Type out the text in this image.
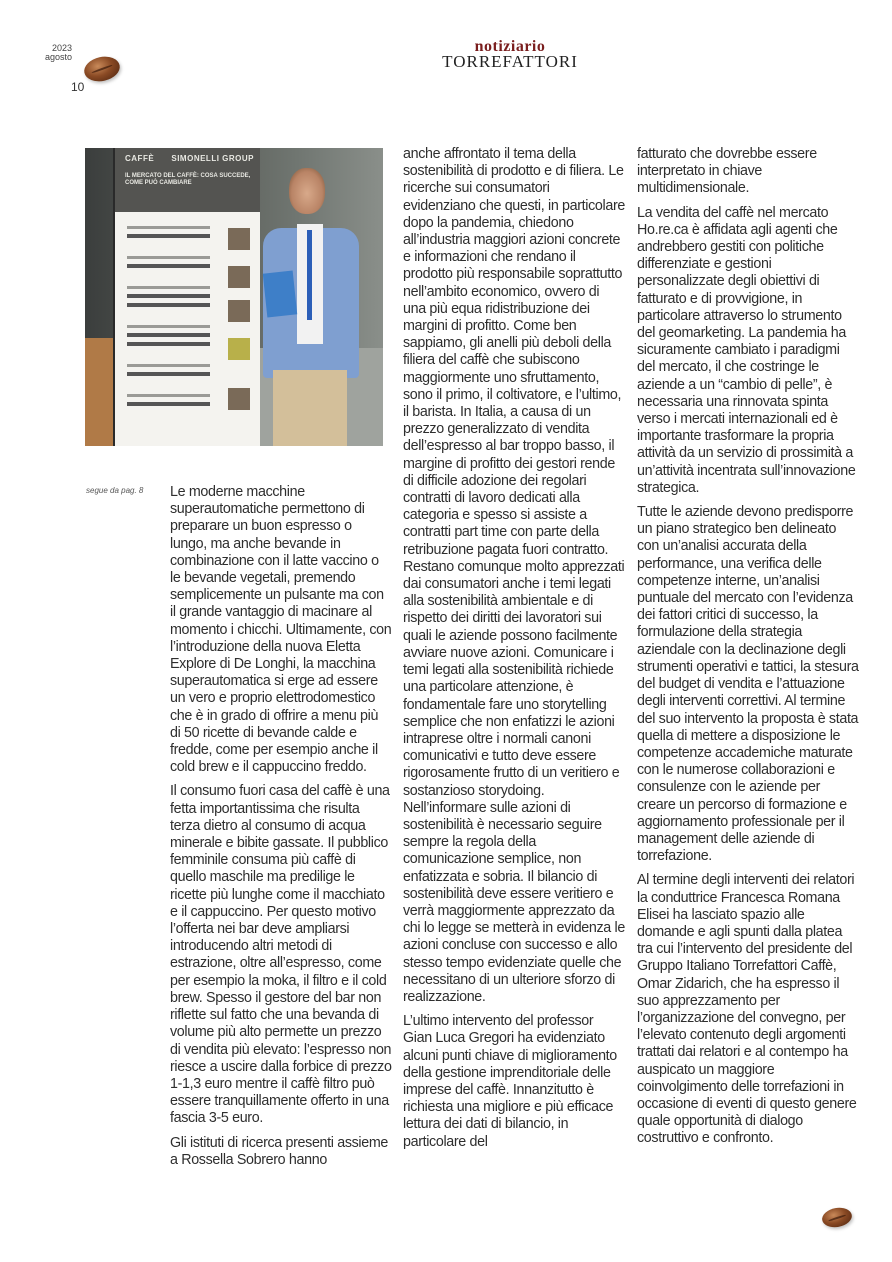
2023
agosto
10
notiziario
TORREFATTORI
CAFFÈ SIMONELLI GROUP
IL MERCATO DEL CAFFÈ: COSA SUCCEDE, COME PUÒ CAMBIARE
segue da pag. 8 Le moderne macchine superautomatiche permettono di preparare un buon espresso o lungo, ma anche bevande in combinazione con il latte vaccino o le bevande vegetali, premendo semplicemente un pulsante ma con il grande vantaggio di macinare al momento i chicchi. Ultimamente, con l’introduzione della nuova Eletta Explore di De Longhi, la macchina superautomatica si erge ad essere un vero e proprio elettrodomestico che è in grado di offrire a menu più di 50 ricette di bevande calde e fredde, come per esempio anche il cold brew e il cappuccino freddo.

Il consumo fuori casa del caffè è una fetta importantissima che risulta terza dietro al consumo di acqua minerale e bibite gassate. Il pubblico femminile consuma più caffè di quello maschile ma predilige le ricette più lunghe come il macchiato e il cappuccino. Per questo motivo l’offerta nei bar deve ampliarsi introducendo altri metodi di estrazione, oltre all’espresso, come per esempio la moka, il filtro e il cold brew. Spesso il gestore del bar non riflette sul fatto che una bevanda di volume più alto permette un prezzo di vendita più elevato: l’espresso non riesce a uscire dalla forbice di prezzo 1-1,3 euro mentre il caffè filtro può essere tranquillamente offerto in una fascia 3-5 euro.

Gli istituti di ricerca presenti assieme a Rossella Sobrero hanno

anche affrontato il tema della sostenibilità di prodotto e di filiera. Le ricerche sui consumatori evidenziano che questi, in particolare dopo la pandemia, chiedono all’industria maggiori azioni concrete e informazioni che rendano il prodotto più responsabile soprattutto nell’ambito economico, ovvero di una più equa ridistribuzione dei margini di profitto. Come ben sappiamo, gli anelli più deboli della filiera del caffè che subiscono maggiormente uno sfruttamento, sono il primo, il coltivatore, e l’ultimo, il barista. In Italia, a causa di un prezzo generalizzato di vendita dell’espresso al bar troppo basso, il margine di profitto dei gestori rende di difficile adozione dei regolari contratti di lavoro dedicati alla categoria e spesso si assiste a contratti part time con parte della retribuzione pagata fuori contratto. Restano comunque molto apprezzati dai consumatori anche i temi legati alla sostenibilità ambientale e di rispetto dei diritti dei lavoratori sui quali le aziende possono facilmente avviare nuove azioni. Comunicare i temi legati alla sostenibilità richiede una particolare attenzione, è fondamentale fare uno storytelling semplice che non enfatizzi le azioni intraprese oltre i normali canoni comunicativi e tutto deve essere rigorosamente frutto di un veritiero e sostanzioso storydoing. Nell’informare sulle azioni di sostenibilità è necessario seguire sempre la regola della comunicazione semplice, non enfatizzata e sobria. Il bilancio di sostenibilità deve essere veritiero e verrà maggiormente apprezzato da chi lo legge se metterà in evidenza le azioni concluse con successo e allo stesso tempo evidenziate quelle che necessitano di un ulteriore sforzo di realizzazione.

L’ultimo intervento del professor Gian Luca Gregori ha evidenziato alcuni punti chiave di miglioramento della gestione imprenditoriale delle imprese del caffè. Innanzitutto è richiesta una migliore e più efficace lettura dei dati di bilancio, in particolare del

fatturato che dovrebbe essere interpretato in chiave multidimensionale.

La vendita del caffè nel mercato Ho.re.ca è affidata agli agenti che andrebbero gestiti con politiche differenziate e gestioni personalizzate degli obiettivi di fatturato e di provvigione, in particolare attraverso lo strumento del geomarketing. La pandemia ha sicuramente cambiato i paradigmi del mercato, il che costringe le aziende a un “cambio di pelle”, è necessaria una rinnovata spinta verso i mercati internazionali ed è importante trasformare la propria attività da un servizio di prossimità a un’attività incentrata sull’innovazione strategica.

Tutte le aziende devono predisporre un piano strategico ben delineato con un’analisi accurata della performance, una verifica delle competenze interne, un’analisi puntuale del mercato con l’evidenza dei fattori critici di successo, la formulazione della strategia aziendale con la declinazione degli strumenti operativi e tattici, la stesura del budget di vendita e l’attuazione degli interventi correttivi. Al termine del suo intervento la proposta è stata quella di mettere a disposizione le competenze accademiche maturate con le numerose collaborazioni e consulenze con le aziende per creare un percorso di formazione e aggiornamento professionale per il management delle aziende di torrefazione.

Al termine degli interventi dei relatori la conduttrice Francesca Romana Elisei ha lasciato spazio alle domande e agli spunti dalla platea tra cui l’intervento del presidente del Gruppo Italiano Torrefattori Caffè, Omar Zidarich, che ha espresso il suo apprezzamento per l’organizzazione del convegno, per l’elevato contenuto degli argomenti trattati dai relatori e al contempo ha auspicato un maggiore coinvolgimento delle torrefazioni in occasione di eventi di questo genere quale opportunità di dialogo costruttivo e confronto.
